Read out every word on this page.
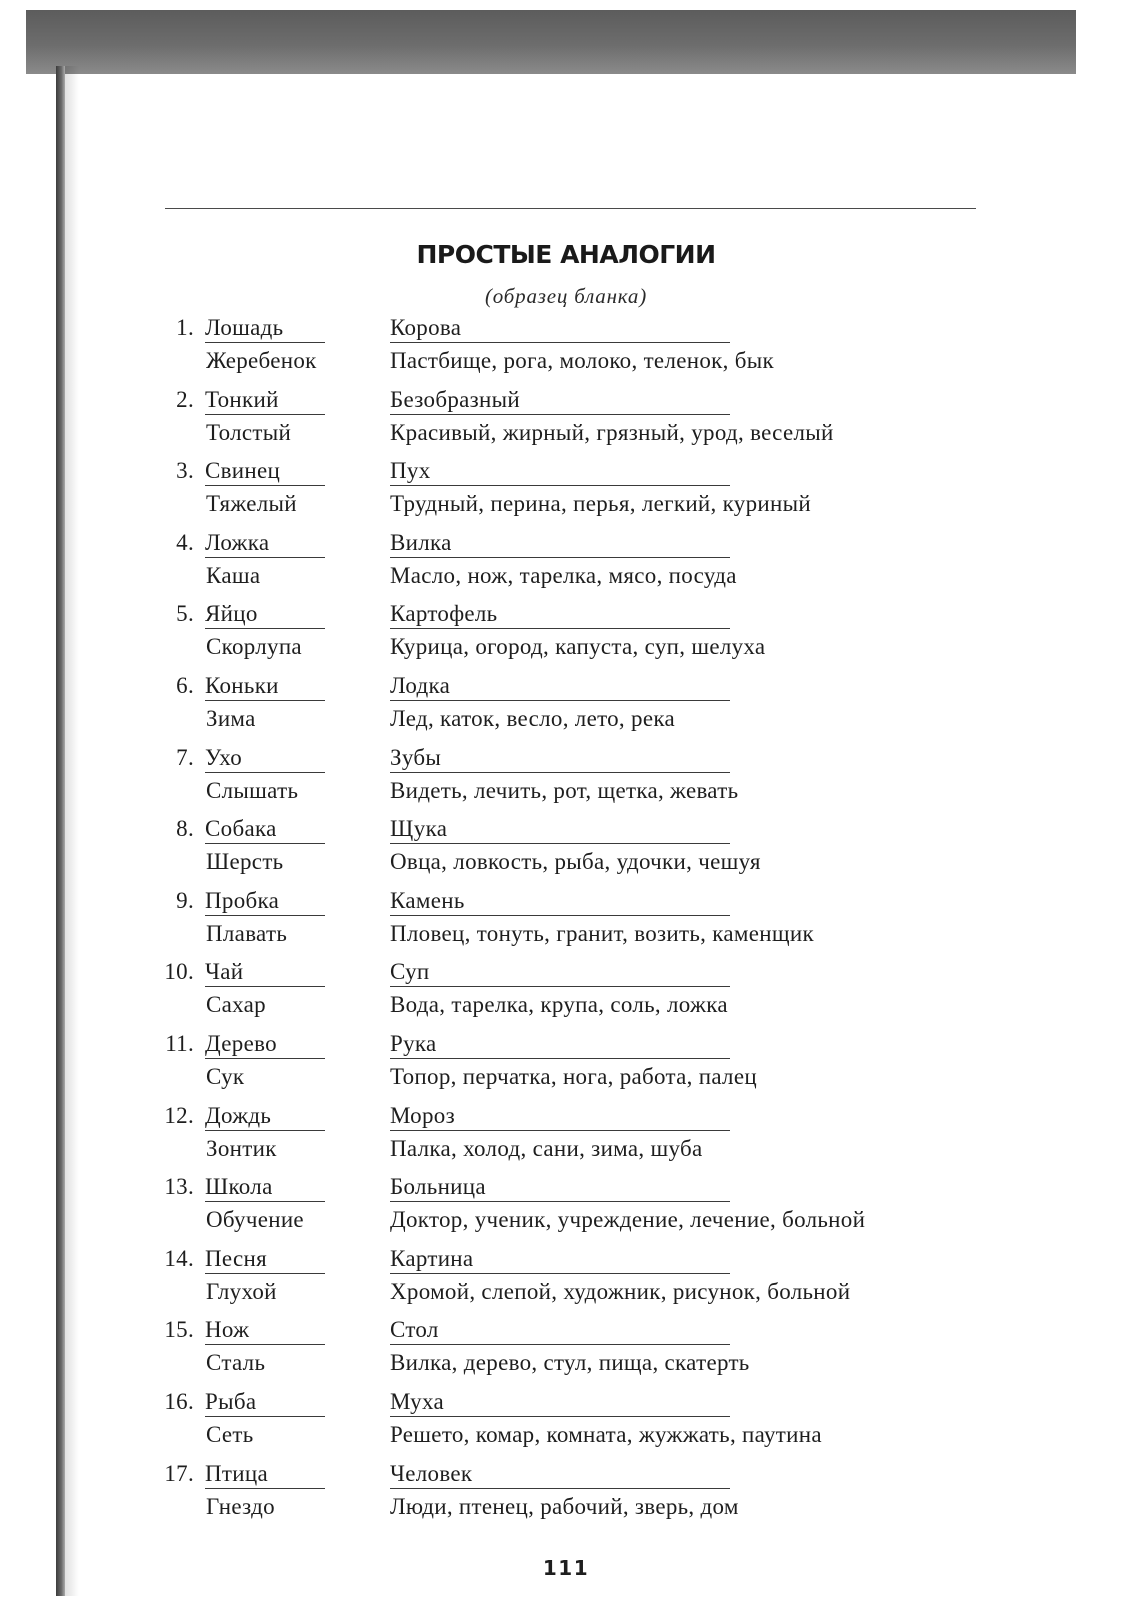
ПРОСТЫЕ АНАЛОГИИ
(образец бланка)
1. Лошадь
Жеребенок
Корова
Пастбище, рога, молоко, теленок, бык
2. Тонкий
Толстый
Безобразный
Красивый, жирный, грязный, урод, веселый
3. Свинец
Тяжелый
Пух
Трудный, перина, перья, легкий, куриный
4. Ложка
Каша
Вилка
Масло, нож, тарелка, мясо, посуда
5. Яйцо
Скорлупа
Картофель
Курица, огород, капуста, суп, шелуха
6. Коньки
Зима
Лодка
Лед, каток, весло, лето, река
7. Ухо
Слышать
Зубы
Видеть, лечить, рот, щетка, жевать
8. Собака
Шерсть
Щука
Овца, ловкость, рыба, удочки, чешуя
9. Пробка
Плавать
Камень
Пловец, тонуть, гранит, возить, каменщик
10. Чай
Сахар
Суп
Вода, тарелка, крупа, соль, ложка
11. Дерево
Сук
Рука
Топор, перчатка, нога, работа, палец
12. Дождь
Зонтик
Мороз
Палка, холод, сани, зима, шуба
13. Школа
Обучение
Больница
Доктор, ученик, учреждение, лечение, больной
14. Песня
Глухой
Картина
Хромой, слепой, художник, рисунок, больной
15. Нож
Сталь
Стол
Вилка, дерево, стул, пища, скатерть
16. Рыба
Сеть
Муха
Решето, комар, комната, жужжать, паутина
17. Птица
Гнездо
Человек
Люди, птенец, рабочий, зверь, дом
111
